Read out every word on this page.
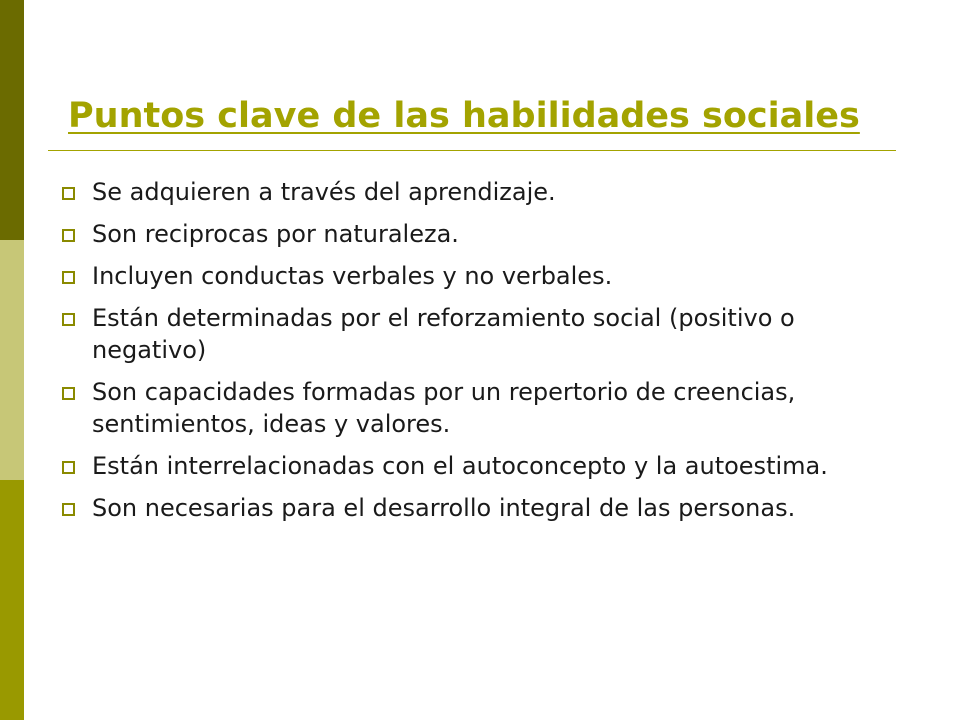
Puntos clave de las habilidades sociales
Se adquieren a través del aprendizaje.
Son reciprocas por naturaleza.
Incluyen conductas verbales y no verbales.
Están determinadas por el reforzamiento social (positivo o negativo)
Son capacidades formadas por un repertorio de creencias, sentimientos, ideas y valores.
Están interrelacionadas con el autoconcepto y la autoestima.
Son necesarias para el desarrollo integral de las personas.
